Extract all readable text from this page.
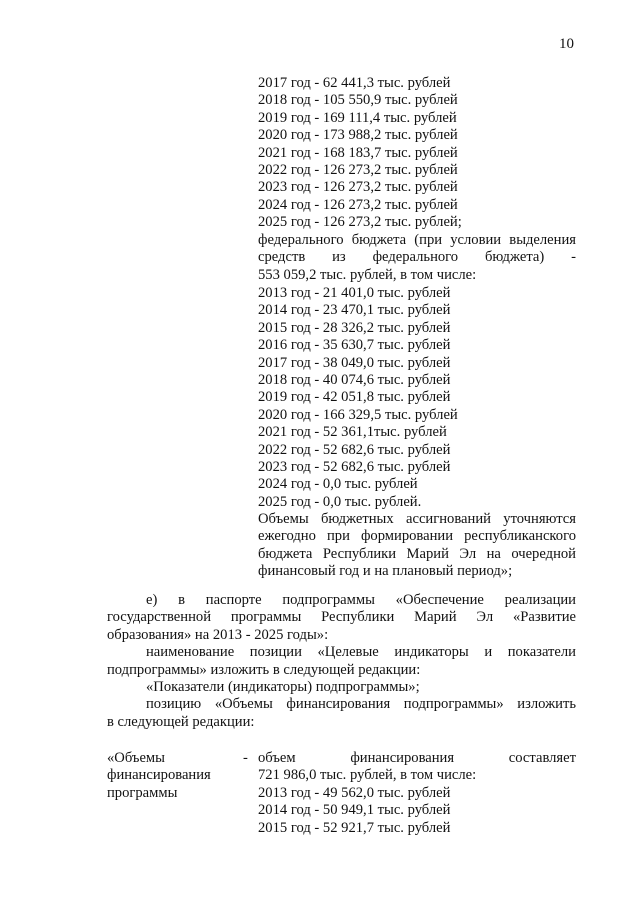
10
2017 год - 62 441,3 тыс. рублей
2018 год - 105 550,9 тыс. рублей
2019 год - 169 111,4 тыс. рублей
2020 год - 173 988,2 тыс. рублей
2021 год - 168 183,7 тыс. рублей
2022 год - 126 273,2 тыс. рублей
2023 год - 126 273,2 тыс. рублей
2024 год - 126 273,2 тыс. рублей
2025 год - 126 273,2 тыс. рублей;
федерального бюджета (при условии выделения
средств из федерального бюджета) -
553 059,2 тыс. рублей, в том числе:
2013 год - 21 401,0 тыс. рублей
2014 год - 23 470,1 тыс. рублей
2015 год - 28 326,2 тыс. рублей
2016 год - 35 630,7 тыс. рублей
2017 год - 38 049,0 тыс. рублей
2018 год - 40 074,6 тыс. рублей
2019 год - 42 051,8 тыс. рублей
2020 год - 166 329,5 тыс. рублей
2021 год - 52 361,1тыс. рублей
2022 год - 52 682,6 тыс. рублей
2023 год - 52 682,6 тыс. рублей
2024 год - 0,0 тыс. рублей
2025 год - 0,0 тыс. рублей.
Объемы бюджетных ассигнований уточняются
ежегодно при формировании республиканского
бюджета Республики Марий Эл на очередной
финансовый год и на плановый период»;
е) в паспорте подпрограммы «Обеспечение реализации
государственной программы Республики Марий Эл «Развитие
образования» на 2013 - 2025 годы»:
наименование позиции «Целевые индикаторы и показатели
подпрограммы» изложить в следующей редакции:
«Показатели (индикаторы) подпрограммы»;
позицию «Объемы финансирования подпрограммы» изложить
в следующей редакции:
«Объемы
финансирования
программы
- объем финансирования составляет
721 986,0 тыс. рублей, в том числе:
2013 год - 49 562,0 тыс. рублей
2014 год - 50 949,1 тыс. рублей
2015 год - 52 921,7 тыс. рублей
